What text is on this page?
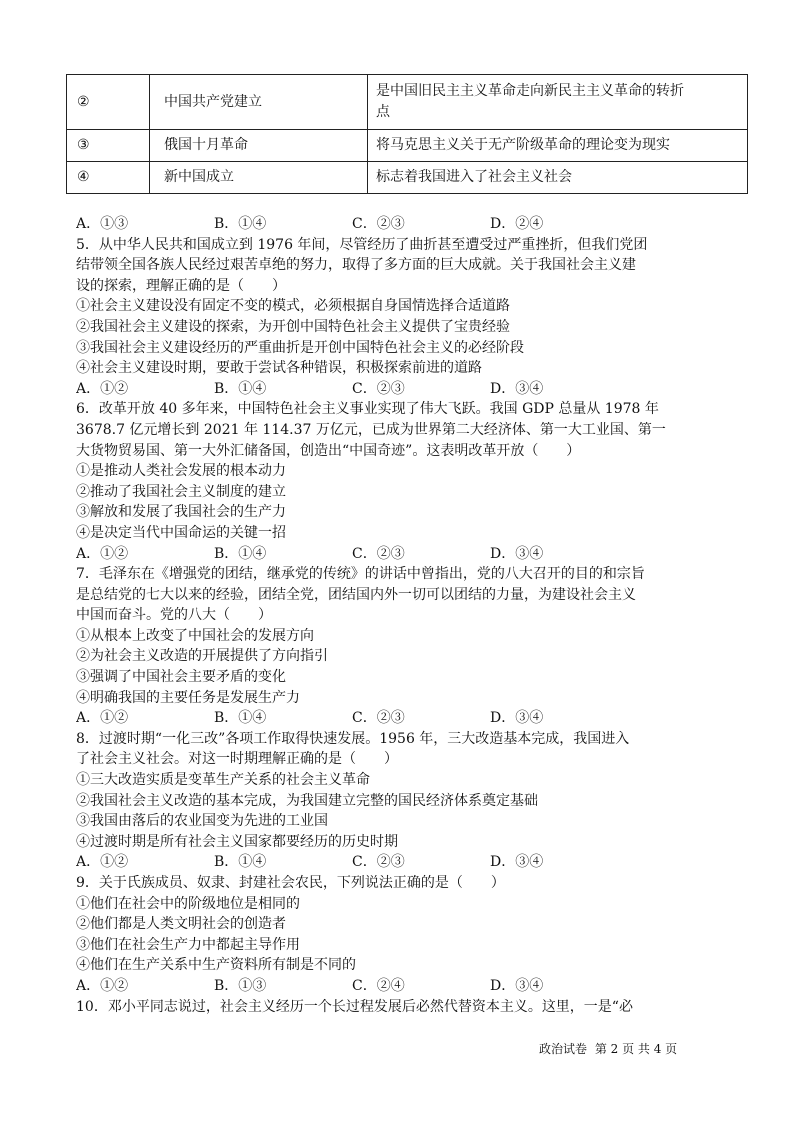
②	中国共产党建立	是中国旧民主主义革命走向新民主主义革命的转折
点

③	俄国十月革命	将马克思主义关于无产阶级革命的理论变为现实

④	新中国成立	标志着我国进入了社会主义社会
A．①③	B．①④	C．②③	D．②④
5．从中华人民共和国成立到 1976 年间，尽管经历了曲折甚至遭受过严重挫折，但我们党团
结带领全国各族人民经过艰苦卓绝的努力，取得了多方面的巨大成就。关于我国社会主义建
设的探索，理解正确的是（　　）
①社会主义建设没有固定不变的模式，必须根据自身国情选择合适道路
②我国社会主义建设的探索，为开创中国特色社会主义提供了宝贵经验
③我国社会主义建设经历的严重曲折是开创中国特色社会主义的必经阶段
④社会主义建设时期，要敢于尝试各种错误，积极探索前进的道路
A．①②	B．①④	C．②③	D．③④
6．改革开放 40 多年来，中国特色社会主义事业实现了伟大飞跃。我国 GDP 总量从 1978 年
3678.7 亿元增长到 2021 年 114.37 万亿元，已成为世界第二大经济体、第一大工业国、第一
大货物贸易国、第一大外汇储备国，创造出“中国奇迹”。这表明改革开放（　　）
①是推动人类社会发展的根本动力
②推动了我国社会主义制度的建立
③解放和发展了我国社会的生产力
④是决定当代中国命运的关键一招
A．①②	B．①④	C．②③	D．③④
7．毛泽东在《增强党的团结，继承党的传统》的讲话中曾指出，党的八大召开的目的和宗旨
是总结党的七大以来的经验，团结全党，团结国内外一切可以团结的力量，为建设社会主义
中国而奋斗。党的八大（　　）
①从根本上改变了中国社会的发展方向
②为社会主义改造的开展提供了方向指引
③强调了中国社会主要矛盾的变化
④明确我国的主要任务是发展生产力
A．①②	B．①④	C．②③	D．③④
8．过渡时期“一化三改”各项工作取得快速发展。1956 年，三大改造基本完成，我国进入
了社会主义社会。对这一时期理解正确的是（　　）
①三大改造实质是变革生产关系的社会主义革命
②我国社会主义改造的基本完成，为我国建立完整的国民经济体系奠定基础
③我国由落后的农业国变为先进的工业国
④过渡时期是所有社会主义国家都要经历的历史时期
A．①②	B．①④	C．②③	D．③④
9．关于氏族成员、奴隶、封建社会农民，下列说法正确的是（　　）
①他们在社会中的阶级地位是相同的
②他们都是人类文明社会的创造者
③他们在社会生产力中都起主导作用
④他们在生产关系中生产资料所有制是不同的
A．①②	B．①③	C．②④	D．③④
10．邓小平同志说过，社会主义经历一个长过程发展后必然代替资本主义。这里，一是“必
政治试卷 第 2 页 共 4 页
